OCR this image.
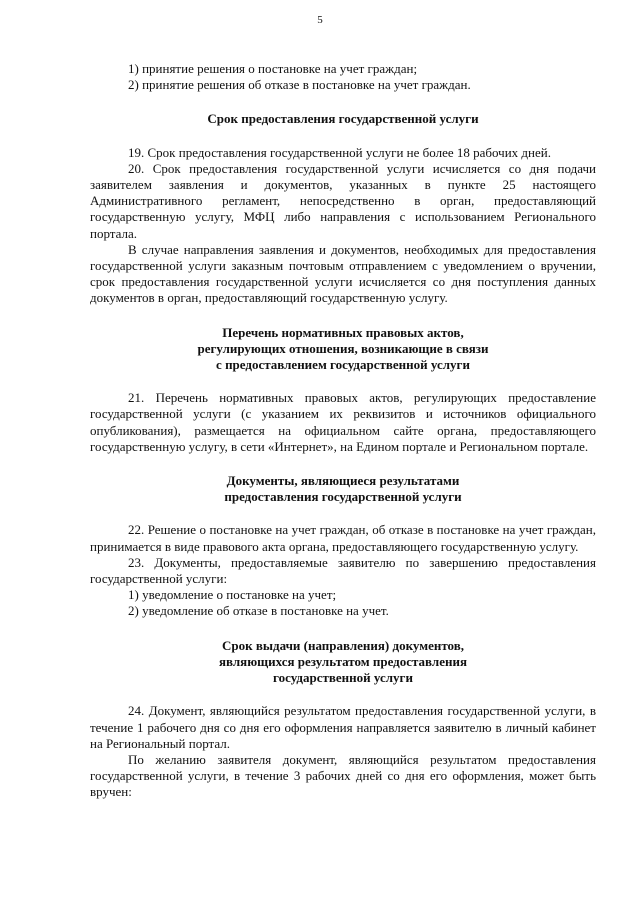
5

1) принятие решения о постановке на учет граждан;

2) принятие решения об отказе в постановке на учет граждан.

Срок предоставления государственной услуги

19. Срок предоставления государственной услуги не более 18 рабочих дней.

20. Срок предоставления государственной услуги исчисляется со дня подачи заявителем заявления и документов, указанных в пункте 25 настоящего Административного регламент, непосредственно в орган, предоставляющий государственную услугу, МФЦ либо направления с использованием Регионального портала.

В случае направления заявления и документов, необходимых для предоставления государственной услуги заказным почтовым отправлением с уведомлением о вручении, срок предоставления государственной услуги исчисляется со дня поступления данных документов в орган, предоставляющий государственную услугу.

Перечень нормативных правовых актов,
регулирующих отношения, возникающие в связи
с предоставлением государственной услуги

21. Перечень нормативных правовых актов, регулирующих предоставление государственной услуги (с указанием их реквизитов и источников официального опубликования), размещается на официальном сайте органа, предоставляющего государственную услугу, в сети «Интернет», на Едином портале и Региональном портале.

Документы, являющиеся результатами
предоставления государственной услуги

22. Решение о постановке на учет граждан, об отказе в постановке на учет граждан, принимается в виде правового акта органа, предоставляющего государственную услугу.

23. Документы, предоставляемые заявителю по завершению предоставления государственной услуги:

1) уведомление о постановке на учет;

2) уведомление об отказе в постановке на учет.

Срок выдачи (направления) документов,
являющихся результатом предоставления
государственной услуги

24. Документ, являющийся результатом предоставления государственной услуги, в течение 1 рабочего дня со дня его оформления направляется заявителю в личный кабинет на Региональный портал.

По желанию заявителя документ, являющийся результатом предоставления государственной услуги, в течение 3 рабочих дней со дня его оформления, может быть вручен:
